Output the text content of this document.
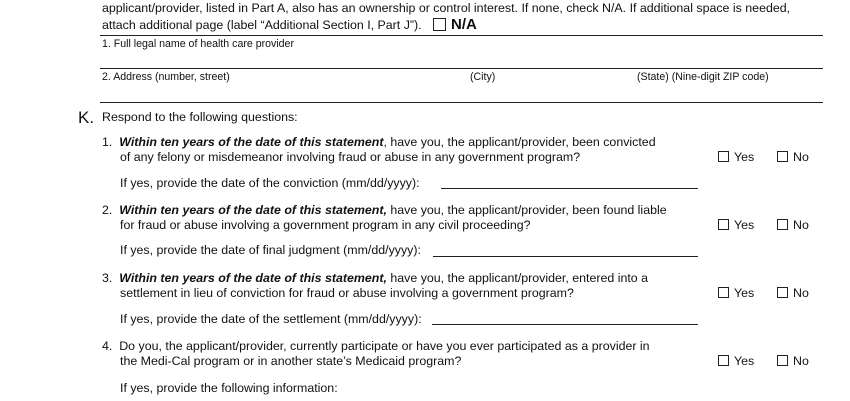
applicant/provider, listed in Part A, also has an ownership or control interest. If none, check N/A. If additional space is needed,
attach additional page (label “Additional Section I, Part J”). N/A
1. Full legal name of health care provider
2. Address (number, street)	(City)	(State) (Nine-digit ZIP code)
K. Respond to the following questions:
1. Within ten years of the date of this statement, have you, the applicant/provider, been convicted
of any felony or misdemeanor involving fraud or abuse in any government program?	Yes	No
If yes, provide the date of the conviction (mm/dd/yyyy):
2. Within ten years of the date of this statement, have you, the applicant/provider, been found liable
for fraud or abuse involving a government program in any civil proceeding?	Yes	No
If yes, provide the date of final judgment (mm/dd/yyyy):
3. Within ten years of the date of this statement, have you, the applicant/provider, entered into a
settlement in lieu of conviction for fraud or abuse involving a government program?	Yes	No
If yes, provide the date of the settlement (mm/dd/yyyy):
4. Do you, the applicant/provider, currently participate or have you ever participated as a provider in
the Medi-Cal program or in another state’s Medicaid program?	Yes	No
If yes, provide the following information:
